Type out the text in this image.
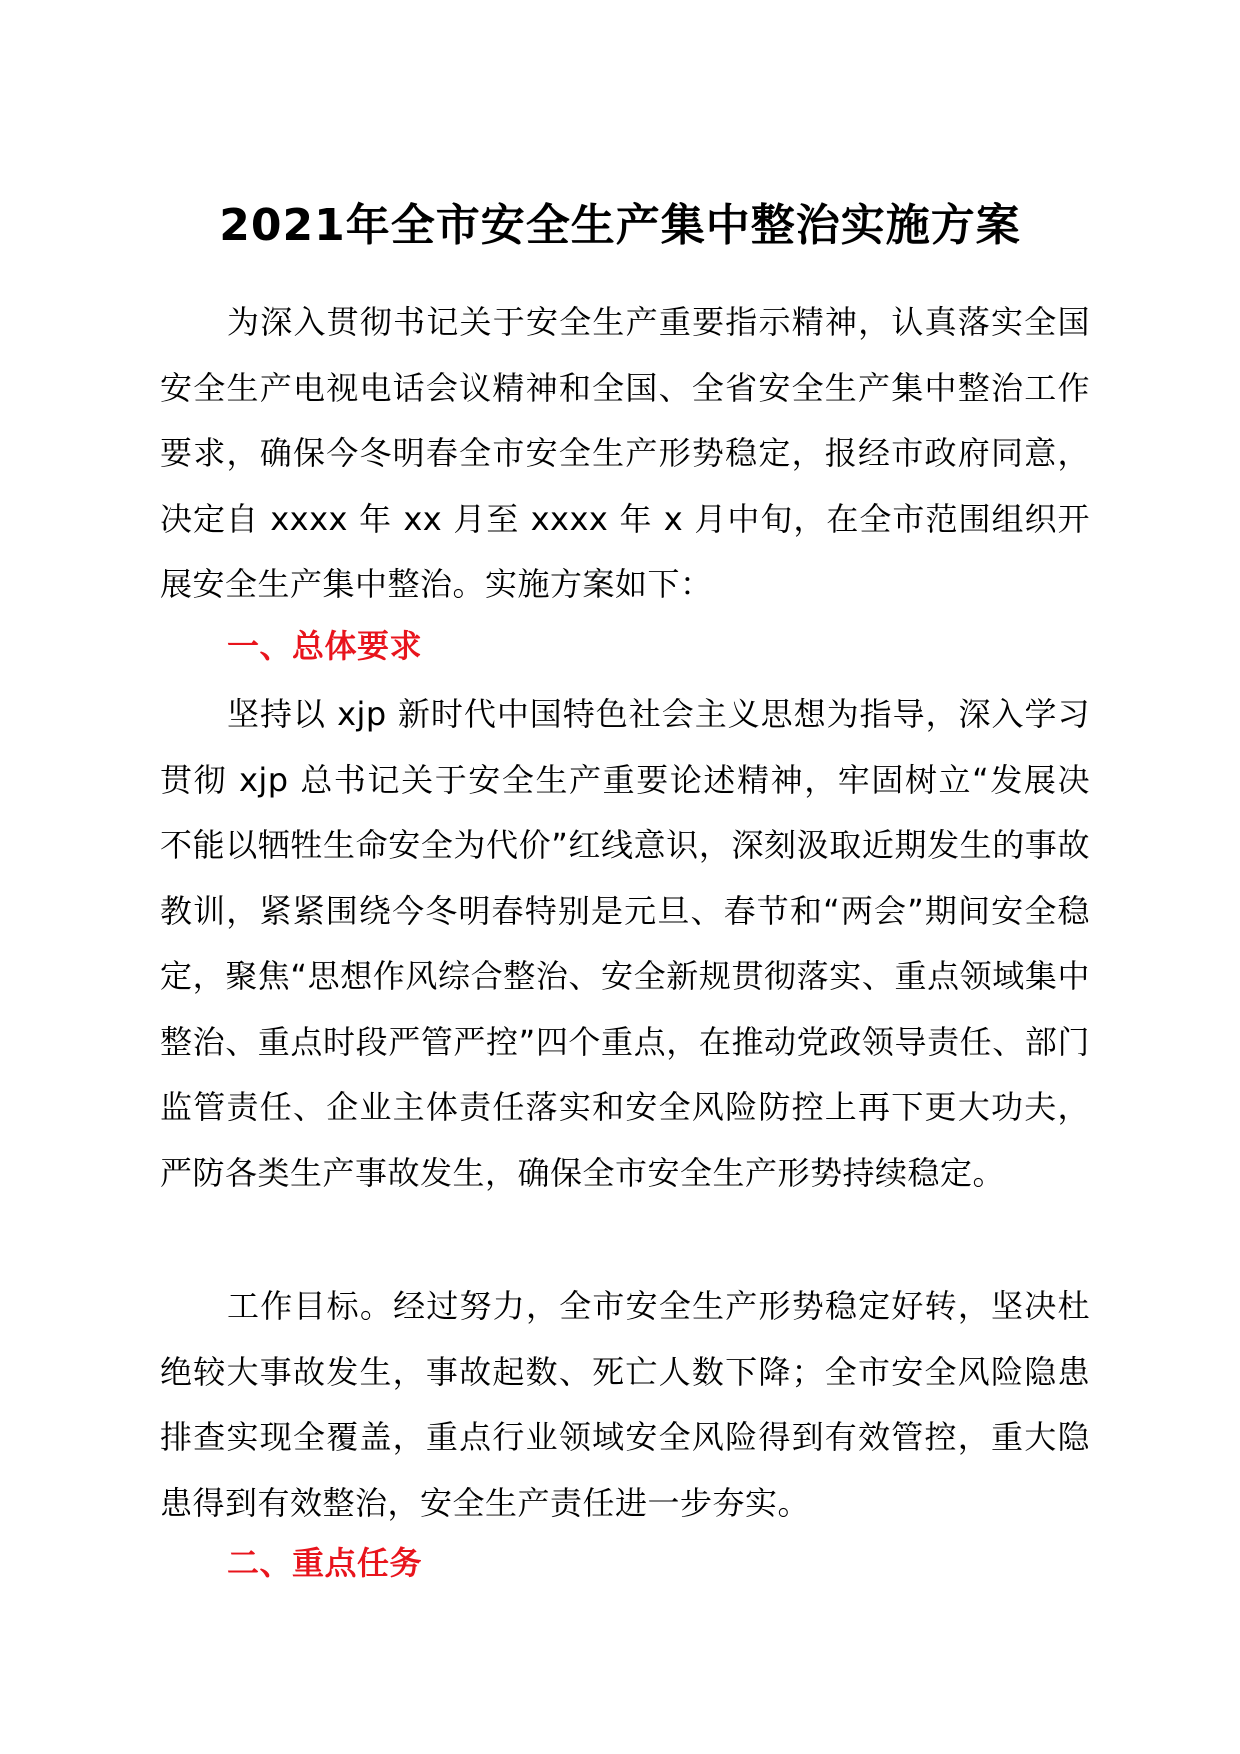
2021年全市安全生产集中整治实施方案

为深入贯彻书记关于安全生产重要指示精神，认真落实全国安全生产电视电话会议精神和全国、全省安全生产集中整治工作要求，确保今冬明春全市安全生产形势稳定，报经市政府同意，决定自 xxxx 年 xx 月至 xxxx 年 x 月中旬，在全市范围组织开展安全生产集中整治。实施方案如下：

一、总体要求

坚持以 xjp 新时代中国特色社会主义思想为指导，深入学习贯彻 xjp 总书记关于安全生产重要论述精神，牢固树立“发展决不能以牺牲生命安全为代价”红线意识，深刻汲取近期发生的事故教训，紧紧围绕今冬明春特别是元旦、春节和“两会”期间安全稳定，聚焦“思想作风综合整治、安全新规贯彻落实、重点领域集中整治、重点时段严管严控”四个重点，在推动党政领导责任、部门监管责任、企业主体责任落实和安全风险防控上再下更大功夫，严防各类生产事故发生，确保全市安全生产形势持续稳定。

工作目标。经过努力，全市安全生产形势稳定好转，坚决杜绝较大事故发生，事故起数、死亡人数下降；全市安全风险隐患排查实现全覆盖，重点行业领域安全风险得到有效管控，重大隐患得到有效整治，安全生产责任进一步夯实。

二、重点任务
